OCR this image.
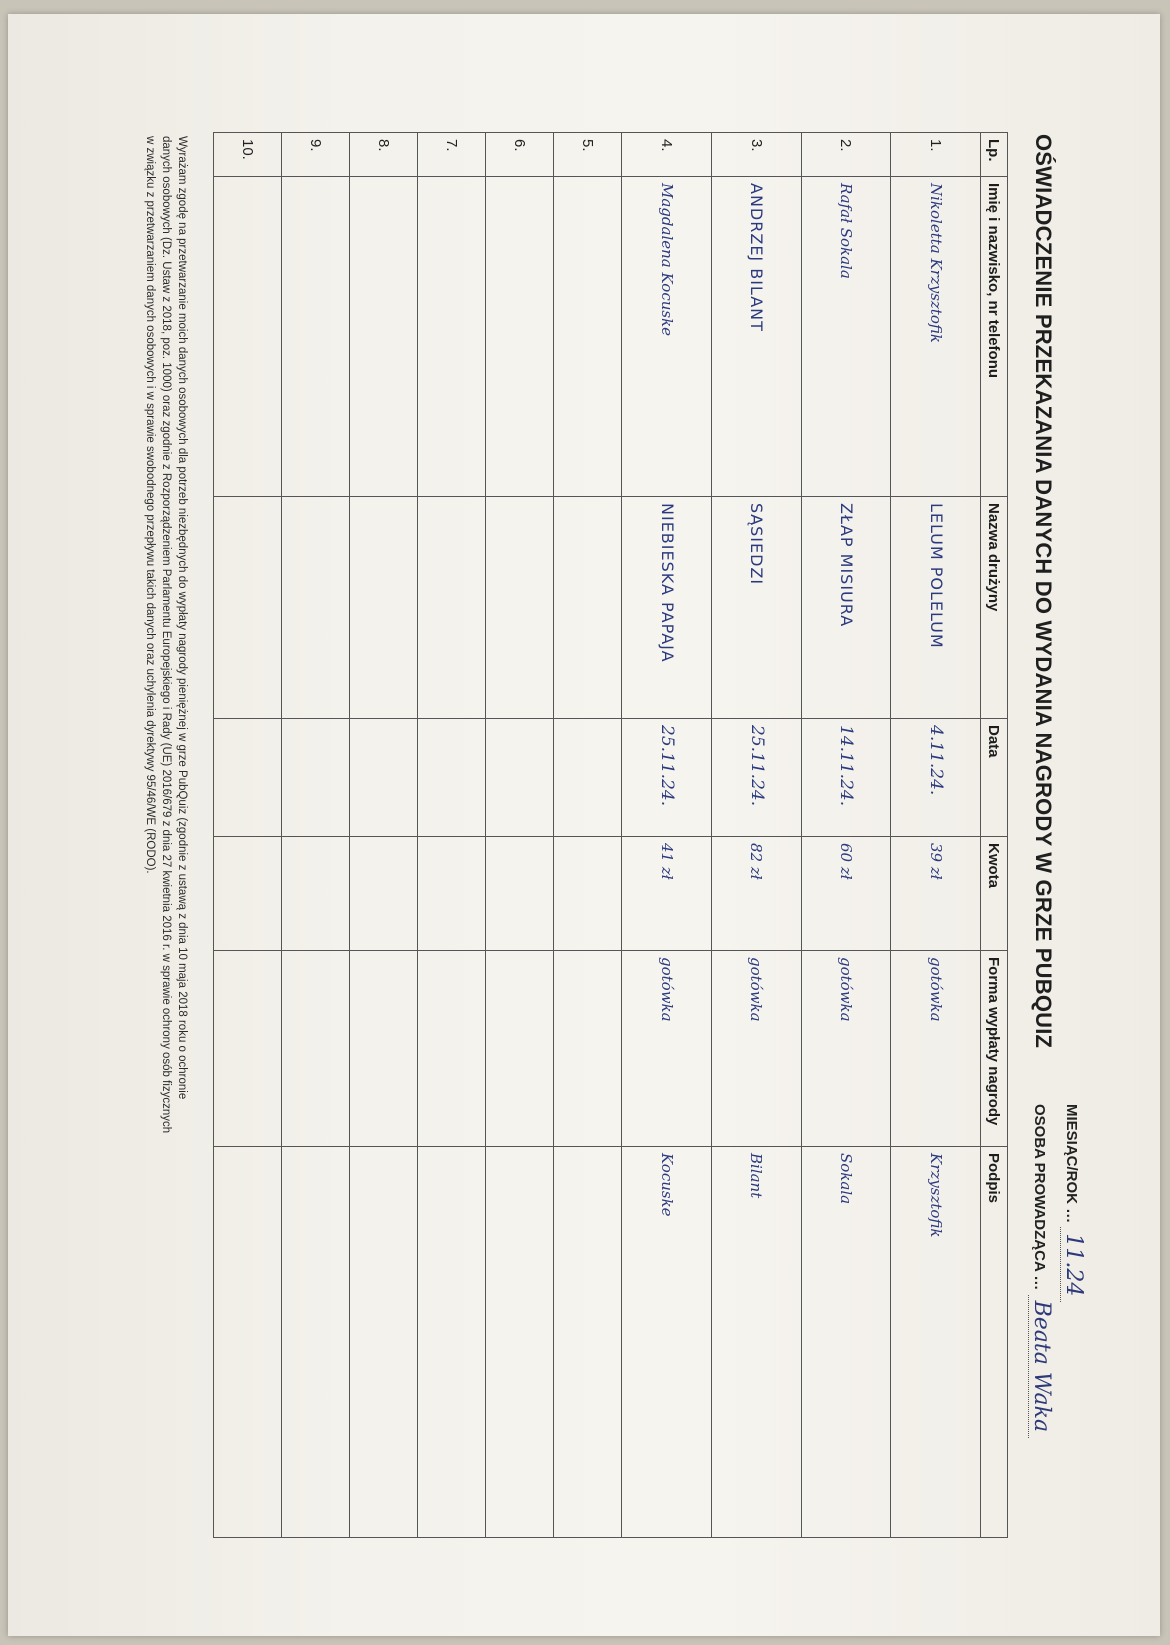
OŚWIADCZENIE PRZEKAZANIA DANYCH DO WYDANIA NAGRODY W GRZE PUBQUIZ
MIESIĄC/ROK … 11.24
OSOBA PROWADZĄCA … Beata Waka
Lp.	Imię i nazwisko, nr telefonu	Nazwa drużyny	Data	Kwota	Forma wypłaty nagrody	Podpis
1.	Nikoletta Krzysztofik	LELUM POLELUM	4.11.24.	39 zł	gotówka	Krzysztofik
2.	Rafał Sokala	ZŁAP MISIURA	14.11.24.	60 zł	gotówka	Sokala
3.	ANDRZEJ BILANT	SĄSIEDZI	25.11.24.	82 zł	gotówka	Bilant
4.	Magdalena Kocuske	NIEBIESKA PAPAJA	25.11.24.	41 zł	gotówka	Kocuske
5.						
6.						
7.						
8.						
9.						
10.						
Wyrażam zgodę na przetwarzanie moich danych osobowych dla potrzeb niezbędnych do wypłaty nagrody pieniężnej w grze PubQuiz (zgodnie z ustawą z dnia 10 maja 2018 roku o ochronie
danych osobowych (Dz. Ustaw z 2018, poz. 1000) oraz zgodnie z Rozporządzeniem Parlamentu Europejskiego i Rady (UE) 2016/679 z dnia 27 kwietnia 2016 r. w sprawie ochrony osób fizycznych
w związku z przetwarzaniem danych osobowych i w sprawie swobodnego przepływu takich danych oraz uchylenia dyrektywy 95/46/WE (RODO).
